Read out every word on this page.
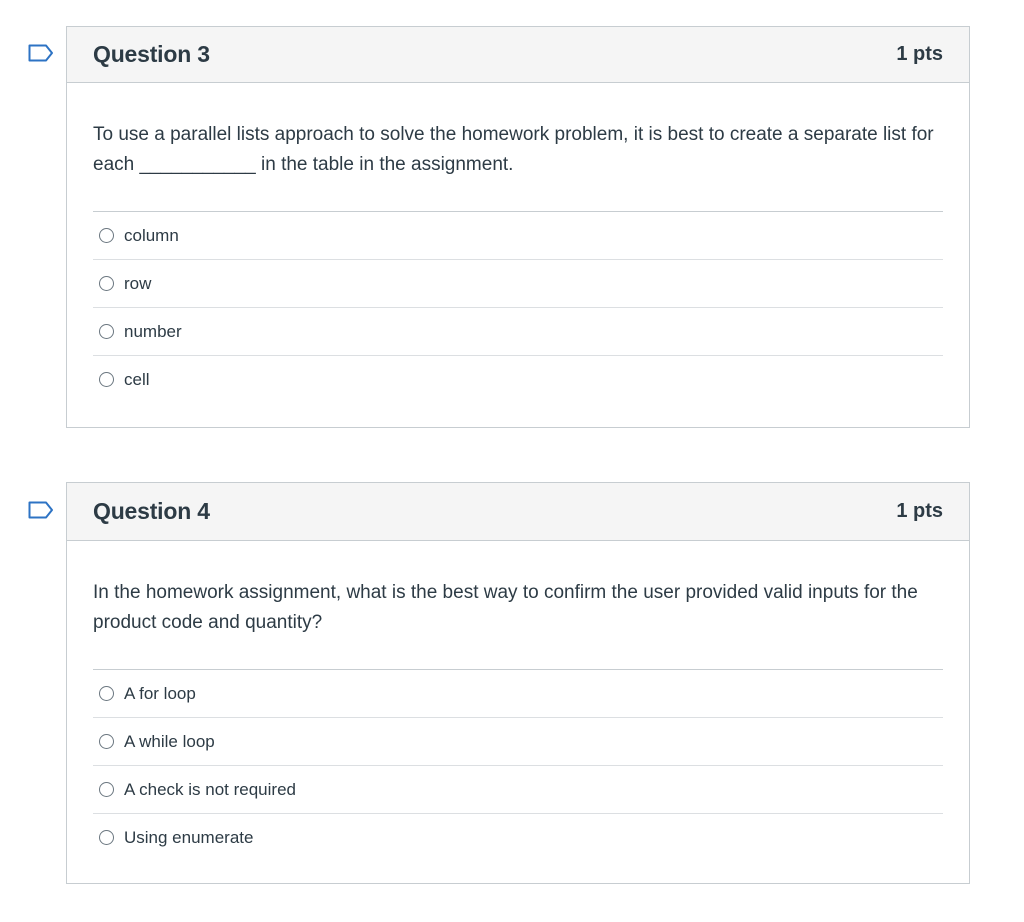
Question 3	1 pts

To use a parallel lists approach to solve the homework problem, it is best to create a separate list for each ___________ in the table in the assignment.

column
row
number
cell
Question 4	1 pts

In the homework assignment, what is the best way to confirm the user provided valid inputs for the product code and quantity?

A for loop
A while loop
A check is not required
Using enumerate
